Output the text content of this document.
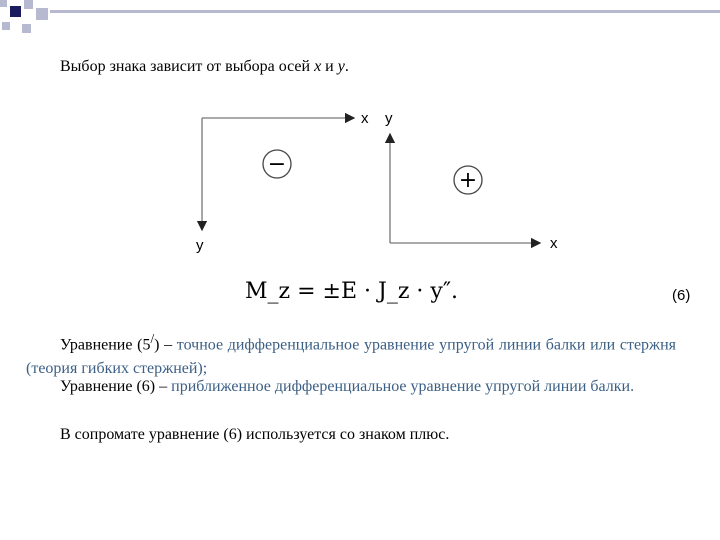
Выбор знака зависит от выбора осей x и y.
x
y
−
y
x
+
M_z = ±E · J_z · y″.	(6)
Уравнение (5/) – точное дифференциальное уравнение упругой линии балки или стержня (теория гибких стержней);
Уравнение (6) – приближенное дифференциальное уравнение упругой линии балки.
В сопромате уравнение (6) используется со знаком плюс.
